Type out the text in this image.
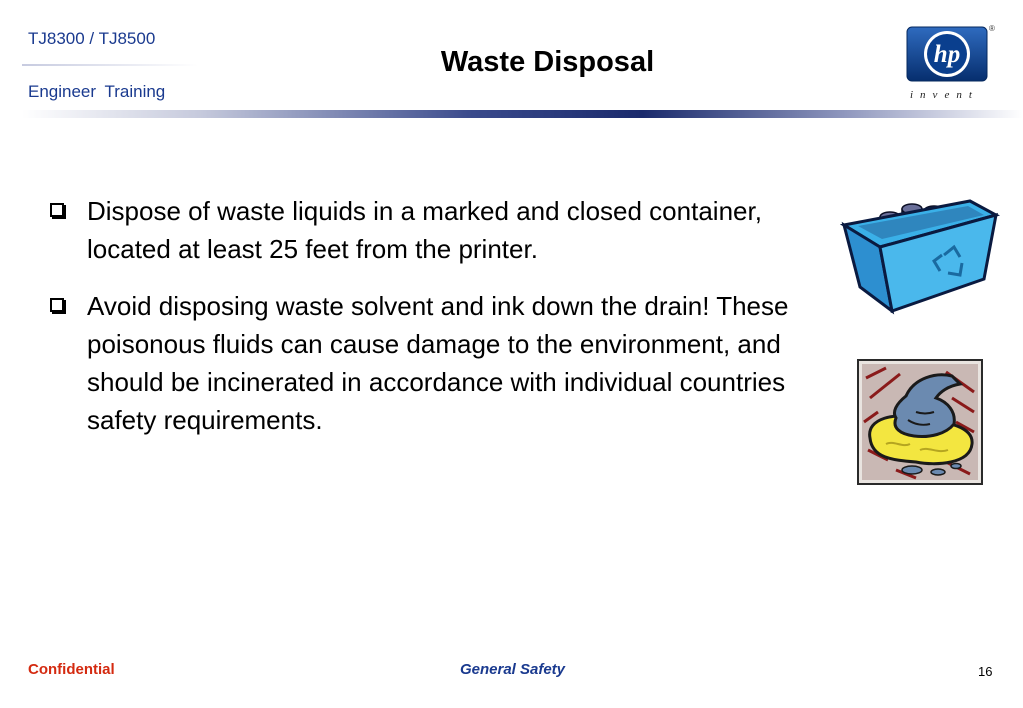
TJ8300 / TJ8500
Engineer Training
Waste Disposal	hp
®
invent
Dispose of waste liquids in a marked and closed container, located at least 25 feet from the printer.
Avoid disposing waste solvent and ink down the drain! These poisonous fluids can cause damage to the environment, and should be incinerated in accordance with individual countries safety requirements.
Confidential	General Safety	16
